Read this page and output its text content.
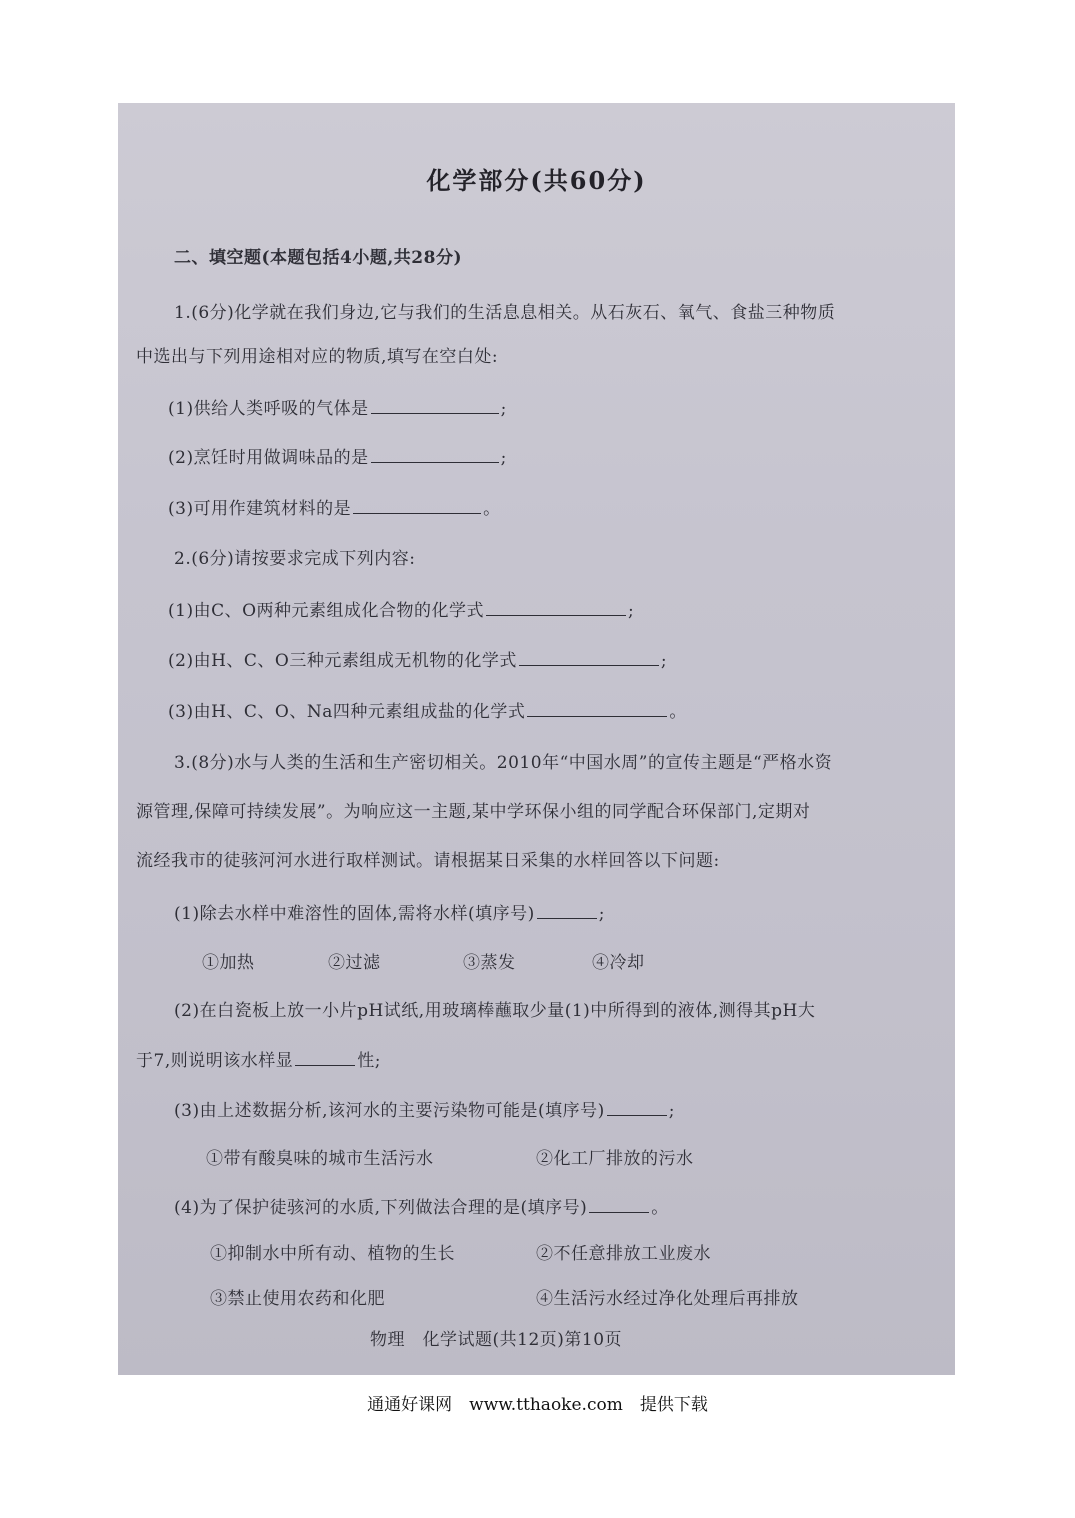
化学部分(共60分)
二、填空题(本题包括4小题,共28分)
1.(6分)化学就在我们身边,它与我们的生活息息相关。从石灰石、氧气、食盐三种物质
中选出与下列用途相对应的物质,填写在空白处:
(1)供给人类呼吸的气体是	;
(2)烹饪时用做调味品的是	;
(3)可用作建筑材料的是	。
2.(6分)请按要求完成下列内容:
(1)由C、O两种元素组成化合物的化学式	;
(2)由H、C、O三种元素组成无机物的化学式	;
(3)由H、C、O、Na四种元素组成盐的化学式	。
3.(8分)水与人类的生活和生产密切相关。2010年“中国水周”的宣传主题是“严格水资
源管理,保障可持续发展”。为响应这一主题,某中学环保小组的同学配合环保部门,定期对
流经我市的徒骇河河水进行取样测试。请根据某日采集的水样回答以下问题:
(1)除去水样中难溶性的固体,需将水样(填序号)	;
①加热	②过滤	③蒸发	④冷却
(2)在白瓷板上放一小片pH试纸,用玻璃棒蘸取少量(1)中所得到的液体,测得其pH大
于7,则说明该水样显	性;
(3)由上述数据分析,该河水的主要污染物可能是(填序号)	;
①带有酸臭味的城市生活污水	②化工厂排放的污水
(4)为了保护徒骇河的水质,下列做法合理的是(填序号)	。
①抑制水中所有动、植物的生长	②不任意排放工业废水
③禁止使用农药和化肥	④生活污水经过净化处理后再排放
物理　化学试题(共12页)第10页
通通好课网　www.tthaoke.com　提供下载
